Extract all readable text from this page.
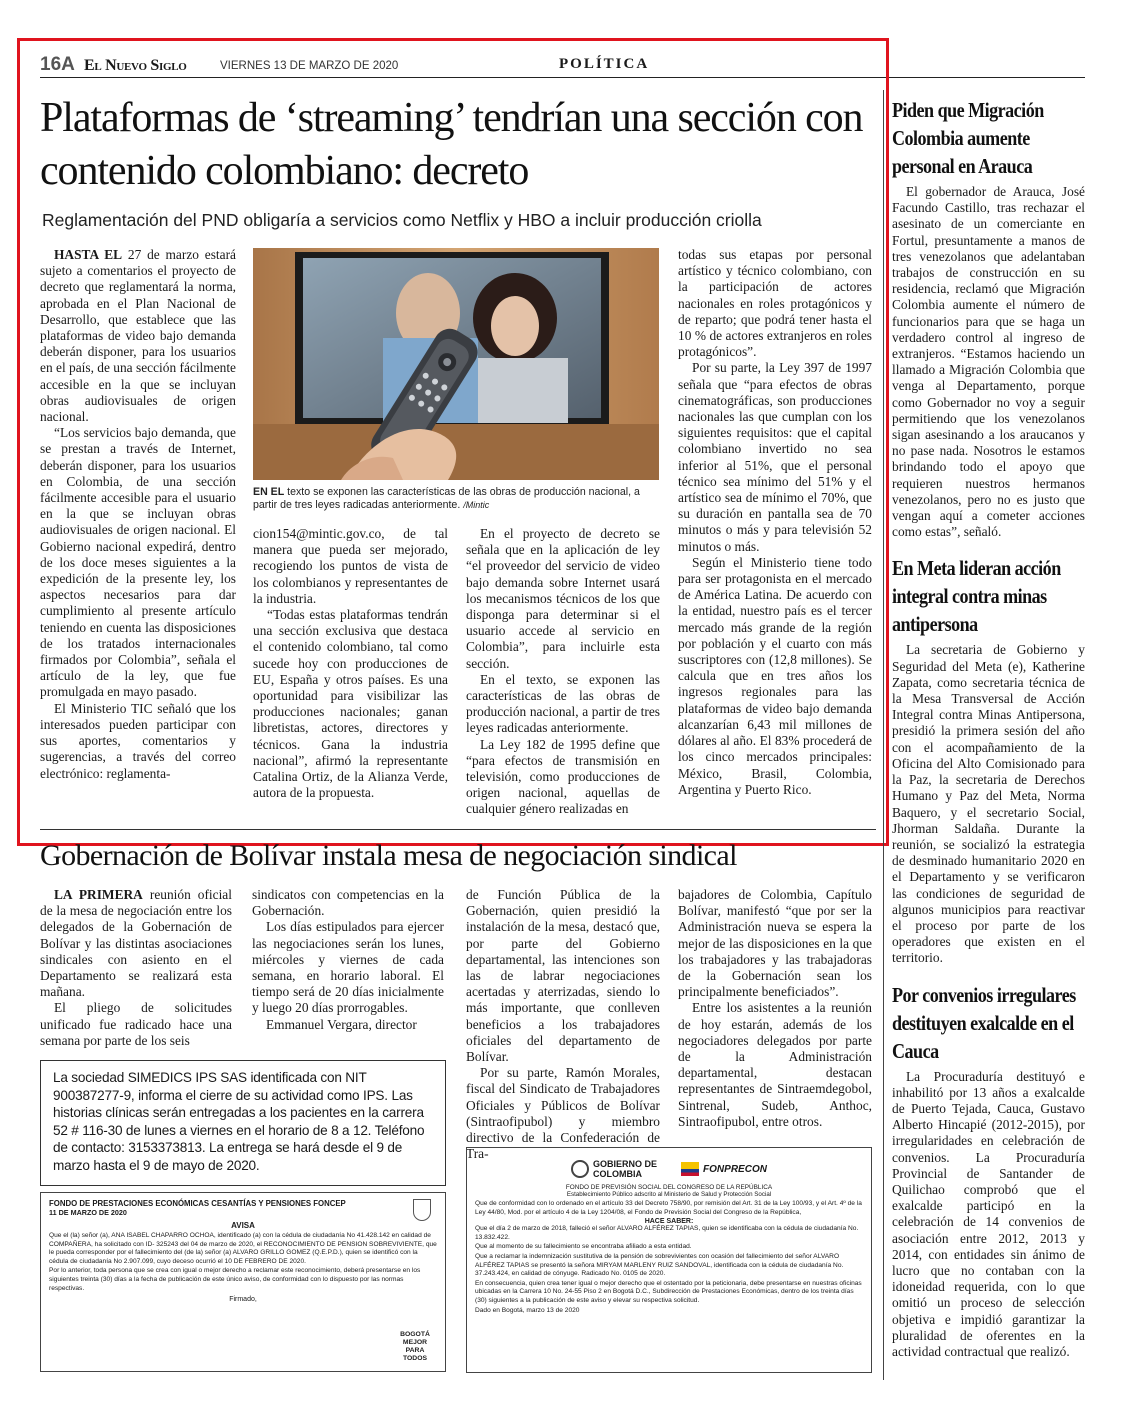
16A El Nuevo Siglo	VIERNES 13 DE MARZO DE 2020	POLÍTICA
Plataformas de ‘streaming’ tendrían una sección con contenido colombiano: decreto
Reglamentación del PND obligaría a servicios como Netflix y HBO a incluir producción criolla

HASTA EL 27 de marzo estará sujeto a comentarios el proyecto de decreto que reglamentará la norma, aprobada en el Plan Nacional de Desarrollo, que establece que las plataformas de video bajo demanda deberán disponer, para los usuarios en el país, de una sección fácilmente accesible en la que se incluyan obras audiovisuales de origen nacional.

“Los servicios bajo demanda, que se prestan a través de Internet, deberán disponer, para los usuarios en Colombia, de una sección fácilmente accesible para el usuario en la que se incluyan obras audiovisuales de origen nacional. El Gobierno nacional expedirá, dentro de los doce meses siguientes a la expedición de la presente ley, los aspectos necesarios para dar cumplimiento al presente artículo teniendo en cuenta las disposiciones de los tratados internacionales firmados por Colombia”, señala el artículo de la ley, que fue promulgada en mayo pasado.

El Ministerio TIC señaló que los interesados pueden participar con sus aportes, comentarios y sugerencias, a través del correo electrónico: reglamenta-

EN EL texto se exponen las características de las obras de producción nacional, a partir de tres leyes radicadas anteriormente. /Mintic

cion154@mintic.gov.co, de tal manera que pueda ser mejorado, recogiendo los puntos de vista de los colombianos y representantes de la industria.

“Todas estas plataformas tendrán una sección exclusiva que destaca el contenido colombiano, tal como sucede hoy con producciones de EU, España y otros países. Es una oportunidad para visibilizar las producciones nacionales; ganan libretistas, actores, directores y técnicos. Gana la industria nacional”, afirmó la representante Catalina Ortiz, de la Alianza Verde, autora de la propuesta.

En el proyecto de decreto se señala que en la aplicación de ley “el proveedor del servicio de video bajo demanda sobre Internet usará los mecanismos técnicos de los que disponga para determinar si el usuario accede al servicio en Colombia”, para incluirle esta sección.

En el texto, se exponen las características de las obras de producción nacional, a partir de tres leyes radicadas anteriormente.

La Ley 182 de 1995 define que “para efectos de transmisión en televisión, como producciones de origen nacional, aquellas de cualquier género realizadas en

todas sus etapas por personal artístico y técnico colombiano, con la participación de actores nacionales en roles protagónicos y de reparto; que podrá tener hasta el 10 % de actores extranjeros en roles protagónicos”.

Por su parte, la Ley 397 de 1997 señala que “para efectos de obras cinematográficas, son producciones nacionales las que cumplan con los siguientes requisitos: que el capital colombiano invertido no sea inferior al 51%, que el personal técnico sea mínimo del 51% y el artístico sea de mínimo el 70%, que su duración en pantalla sea de 70 minutos o más y para televisión 52 minutos o más.

Según el Ministerio tiene todo para ser protagonista en el mercado de América Latina. De acuerdo con la entidad, nuestro país es el tercer mercado más grande de la región por población y el cuarto con más suscriptores con (12,8 millones). Se calcula que en tres años los ingresos regionales para las plataformas de video bajo demanda alcanzarían 6,43 mil millones de dólares al año. El 83% procederá de los cinco mercados principales: México, Brasil, Colombia, Argentina y Puerto Rico.

Gobernación de Bolívar instala mesa de negociación sindical

LA PRIMERA reunión oficial de la mesa de negociación entre los delegados de la Gobernación de Bolívar y las distintas asociaciones sindicales con asiento en el Departamento se realizará esta mañana.

El pliego de solicitudes unificado fue radicado hace una semana por parte de los seis

sindicatos con competencias en la Gobernación.

Los días estipulados para ejercer las negociaciones serán los lunes, miércoles y viernes de cada semana, en horario laboral. El tiempo será de 20 días inicialmente y luego 20 días prorrogables.

Emmanuel Vergara, director

de Función Pública de la Gobernación, quien presidió la instalación de la mesa, destacó que, por parte del Gobierno departamental, las intenciones son las de labrar negociaciones acertadas y aterrizadas, siendo lo más importante, que conlleven beneficios a los trabajadores oficiales del departamento de Bolívar.

Por su parte, Ramón Morales, fiscal del Sindicato de Trabajadores Oficiales y Públicos de Bolívar (Sintraofipubol) y miembro directivo de la Confederación de Tra-

bajadores de Colombia, Capítulo Bolívar, manifestó “que por ser la Administración nueva se espera la mejor de las disposiciones en la que los trabajadores y las trabajadoras de la Gobernación sean los principalmente beneficiados”.

Entre los asistentes a la reunión de hoy estarán, además de los negociadores delegados por parte de la Administración departamental, destacan representantes de Sintraemdegobol, Sintrenal, Sudeb, Anthoc, Sintraofipubol, entre otros.

La sociedad SIMEDICS IPS SAS identificada con NIT 900387277-9, informa el cierre de su actividad como IPS. Las historias clínicas serán entregadas a los pacientes en la carrera 52 # 116-30 de lunes a viernes en el horario de 8 a 12. Teléfono de contacto: 3153373813. La entrega se hará desde el 9 de marzo hasta el 9 de mayo de 2020.
FONDO DE PRESTACIONES ECONÓMICAS CESANTÍAS Y PENSIONES FONCEP
11 DE MARZO DE 2020
AVISA

Que el (la) señor (a), ANA ISABEL CHAPARRO OCHOA, identificado (a) con la cédula de ciudadanía No 41.428.142 en calidad de COMPAÑERA, ha solicitado con ID- 325243 del 04 de marzo de 2020, el RECONOCIMIENTO DE PENSION SOBREVIVIENTE, que le pueda corresponder por el fallecimiento del (de la) señor (a) ALVARO GRILLO GOMEZ (Q.E.P.D.), quien se identificó con la cédula de ciudadanía No 2.907.099, cuyo deceso ocurrió el 10 DE FEBRERO DE 2020.

Por lo anterior, toda persona que se crea con igual o mejor derecho a reclamar este reconocimiento, deberá presentarse en los siguientes treinta (30) días a la fecha de publicación de este único aviso, de conformidad con lo dispuesto por las normas respectivas.

Firmado,
BOGOTÁ MEJOR PARA TODOS
GOBIERNO DE COLOMBIA	FONPRECON
FONDO DE PREVISIÓN SOCIAL DEL CONGRESO DE LA REPÚBLICA
Establecimiento Público adscrito al Ministerio de Salud y Protección Social

Que de conformidad con lo ordenado en el artículo 33 del Decreto 758/90, por remisión del Art. 31 de la Ley 100/93, y el Art. 4º de la Ley 44/80, Mod. por el artículo 4 de la Ley 1204/08, el Fondo de Previsión Social del Congreso de la República,

HACE SABER:

Que el día 2 de marzo de 2018, falleció el señor ALVARO ALFÉREZ TAPIAS, quien se identificaba con la cédula de ciudadanía No. 13.832.422.

Que al momento de su fallecimiento se encontraba afiliado a esta entidad.

Que a reclamar la indemnización sustitutiva de la pensión de sobrevivientes con ocasión del fallecimiento del señor ALVARO ALFÉREZ TAPIAS se presentó la señora MIRYAM MARLENY RUIZ SANDOVAL, identificada con la cédula de ciudadanía No. 37.243.424, en calidad de cónyuge. Radicado No. 0105 de 2020.

En consecuencia, quien crea tener igual o mejor derecho que el ostentado por la peticionaria, debe presentarse en nuestras oficinas ubicadas en la Carrera 10 No. 24-55 Piso 2 en Bogotá D.C., Subdirección de Prestaciones Económicas, dentro de los treinta días (30) siguientes a la publicación de este aviso y elevar su respectiva solicitud.

Dado en Bogotá, marzo 13 de 2020

Piden que Migración Colombia aumente personal en Arauca

El gobernador de Arauca, José Facundo Castillo, tras rechazar el asesinato de un comerciante en Fortul, presuntamente a manos de tres venezolanos que adelantaban trabajos de construcción en su residencia, reclamó que Migración Colombia aumente el número de funcionarios para que se haga un verdadero control al ingreso de extranjeros. “Estamos haciendo un llamado a Migración Colombia que venga al Departamento, porque como Gobernador no voy a seguir permitiendo que los venezolanos sigan asesinando a los araucanos y no pase nada. Nosotros le estamos brindando todo el apoyo que requieren nuestros hermanos venezolanos, pero no es justo que vengan aquí a cometer acciones como estas”, señaló.

En Meta lideran acción integral contra minas antipersona

La secretaria de Gobierno y Seguridad del Meta (e), Katherine Zapata, como secretaria técnica de la Mesa Transversal de Acción Integral contra Minas Antipersona, presidió la primera sesión del año con el acompañamiento de la Oficina del Alto Comisionado para la Paz, la secretaria de Derechos Humano y Paz del Meta, Norma Baquero, y el secretario Social, Jhorman Saldaña. Durante la reunión, se socializó la estrategia de desminado humanitario 2020 en el Departamento y se verificaron las condiciones de seguridad de algunos municipios para reactivar el proceso por parte de los operadores que existen en el territorio.

Por convenios irregulares destituyen exalcalde en el Cauca

La Procuraduría destituyó e inhabilitó por 13 años a exalcalde de Puerto Tejada, Cauca, Gustavo Alberto Hincapié (2012-2015), por irregularidades en celebración de convenios. La Procuraduría Provincial de Santander de Quilichao comprobó que el exalcalde participó en la celebración de 14 convenios de asociación entre 2012, 2013 y 2014, con entidades sin ánimo de lucro que no contaban con la idoneidad requerida, con lo que omitió un proceso de selección objetiva e impidió garantizar la pluralidad de oferentes en la actividad contractual que realizó.
